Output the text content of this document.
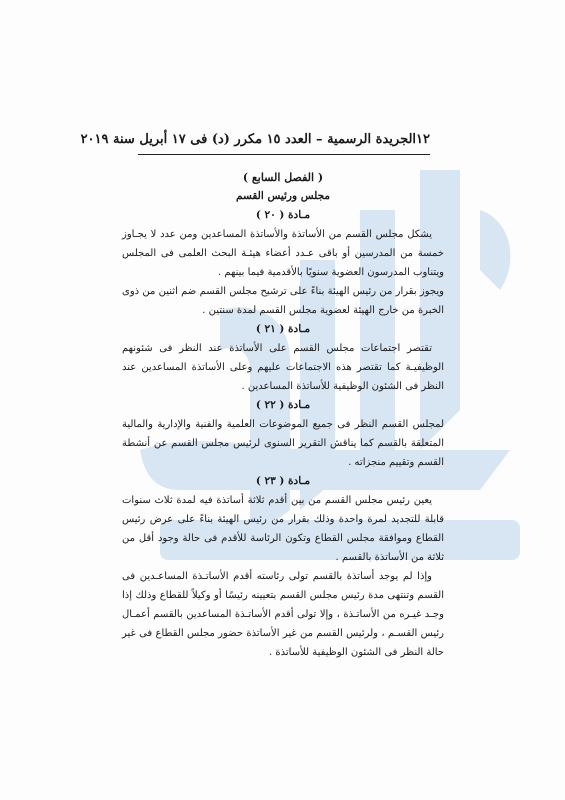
١٢
الجريدة الرسمية – العدد ١٥ مكرر (د) فى ١٧ أبريل سنة ٢٠١٩
( الفصل السابع )
مجلس ورئيس القسم
مـادة ( ٢٠ )

يشكل مجلس القسم من الأساتذة والأساتذة المساعدين ومن عدد لا يجـاوز خمسة من المدرسين أو باقى عـدد أعضاء هيئـة البحث العلمى فى المجلس ويتناوب المدرسون العضوية سنويًا بالأقدمية فيما بينهم .

ويجوز بقرار من رئيس الهيئة بناءً على ترشيح مجلس القسم ضم اثنين من ذوى الخبرة من خارج الهيئة لعضوية مجلس القسم لمدة سنتين .

مـادة ( ٢١ )

تقتصر اجتماعات مجلس القسم على الأساتذة عند النظر فى شئونهم الوظيفيـة كما تقتصر هذه الاجتماعات عليهم وعلى الأساتذة المساعدين عند النظر فى الشئون الوظيفية للأساتذة المساعدين .

مـادة ( ٢٢ )

لمجلس القسم النظر فى جميع الموضوعات العلمية والفنية والإدارية والمالية المتعلقة بالقسم كما يناقش التقرير السنوى لرئيس مجلس القسم عن أنشطة القسم وتقييم منجزاته .

مـادة ( ٢٣ )

يعين رئيس مجلس القسم من بين أقدم ثلاثة أساتذة فيه لمدة ثلاث سنوات قابلة للتجديد لمرة واحدة وذلك بقرار من رئيس الهيئة بناءً على عرض رئيس القطاع وموافقة مجلس القطاع وتكون الرئاسة للأقدم فى حالة وجود أقل من ثلاثة من الأساتذة بالقسم .

وإذا لم يوجد أساتذة بالقسم تولى رئاسته أقدم الأساتـذة المساعـدين فى القسم وتنتهى مدة رئيس مجلس القسم بتعيينه رئيسًا أو وكيلاً للقطاع وذلك إذا وجـد غيـره من الأساتـذة ، وإلا تولى أقدم الأساتـذة المساعدين بالقسم أعمـال رئيس القسـم ، ولرئيس القسم من غير الأساتذة حضور مجلس القطاع فى غير حالة النظر فى الشئون الوظيفية للأساتذة .
